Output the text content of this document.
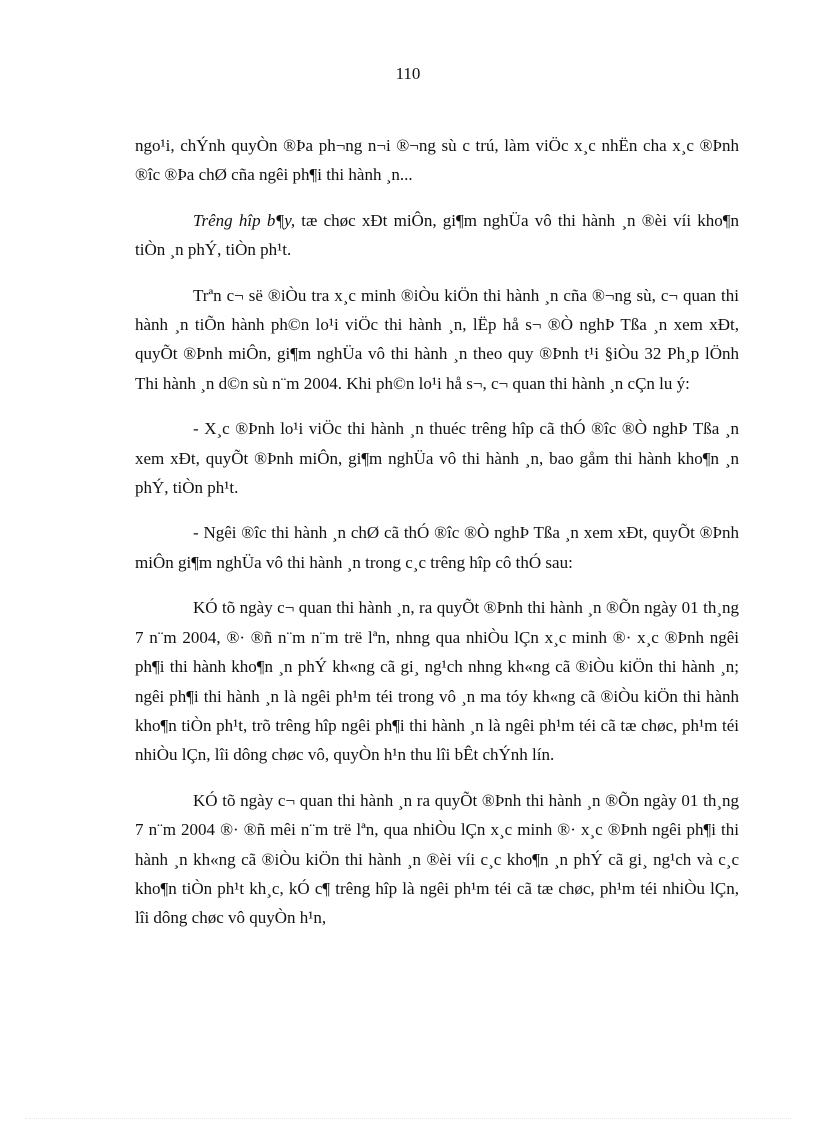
110

ngo¹i, chÝnh quyÒn ®Þa ph¬ng n¬i ®¬ng sù c trú, làm viÖc x¸c nhËn cha x¸c ®Þnh ®îc ®Þa chØ cña ngêi ph¶i thi hành ¸n...

Trêng hîp b¶y, tæ chøc xÐt miÔn, gi¶m nghÜa vô thi hành ¸n ®èi víi kho¶n tiÒn ¸n phÝ, tiÒn ph¹t.

Trªn c¬ së ®iÒu tra x¸c minh ®iÒu kiÖn thi hành ¸n cña ®¬ng sù, c¬ quan thi hành ¸n tiÕn hành ph©n lo¹i viÖc thi hành ¸n, lËp hå s¬ ®Ò nghÞ Tßa ¸n xem xÐt, quyÕt ®Þnh miÔn, gi¶m nghÜa vô thi hành ¸n theo quy ®Þnh t¹i §iÒu 32 Ph¸p lÖnh Thi hành ¸n d©n sù n¨m 2004. Khi ph©n lo¹i hå s¬, c¬ quan thi hành ¸n cÇn lu ý:

- X¸c ®Þnh lo¹i viÖc thi hành ¸n thuéc trêng hîp cã thÓ ®îc ®Ò nghÞ Tßa ¸n xem xÐt, quyÕt ®Þnh miÔn, gi¶m nghÜa vô thi hành ¸n, bao gåm thi hành kho¶n ¸n phÝ, tiÒn ph¹t.

- Ngêi ®îc thi hành ¸n chØ cã thÓ ®îc ®Ò nghÞ Tßa ¸n xem xÐt, quyÕt ®Þnh miÔn gi¶m nghÜa vô thi hành ¸n trong c¸c trêng hîp cô thÓ sau:

KÓ tõ ngày c¬ quan thi hành ¸n, ra quyÕt ®Þnh thi hành ¸n ®Õn ngày 01 th¸ng 7 n¨m 2004, ®· ®ñ n¨m n¨m trë lªn, nhng qua nhiÒu lÇn x¸c minh ®· x¸c ®Þnh ngêi ph¶i thi hành kho¶n ¸n phÝ kh«ng cã gi¸ ng¹ch nhng kh«ng cã ®iÒu kiÖn thi hành ¸n; ngêi ph¶i thi hành ¸n là ngêi ph¹m téi trong vô ¸n ma tóy kh«ng cã ®iÒu kiÖn thi hành kho¶n tiÒn ph¹t, trõ trêng hîp ngêi ph¶i thi hành ¸n là ngêi ph¹m téi cã tæ chøc, ph¹m téi nhiÒu lÇn, lîi dông chøc vô, quyÒn h¹n thu lîi bÊt chÝnh lín.

KÓ tõ ngày c¬ quan thi hành ¸n ra quyÕt ®Þnh thi hành ¸n ®Õn ngày 01 th¸ng 7 n¨m 2004 ®· ®ñ mêi n¨m trë lªn, qua nhiÒu lÇn x¸c minh ®· x¸c ®Þnh ngêi ph¶i thi hành ¸n kh«ng cã ®iÒu kiÖn thi hành ¸n ®èi víi c¸c kho¶n ¸n phÝ cã gi¸ ng¹ch và c¸c kho¶n tiÒn ph¹t kh¸c, kÓ c¶ trêng hîp là ngêi ph¹m téi cã tæ chøc, ph¹m téi nhiÒu lÇn, lîi dông chøc vô quyÒn h¹n,
